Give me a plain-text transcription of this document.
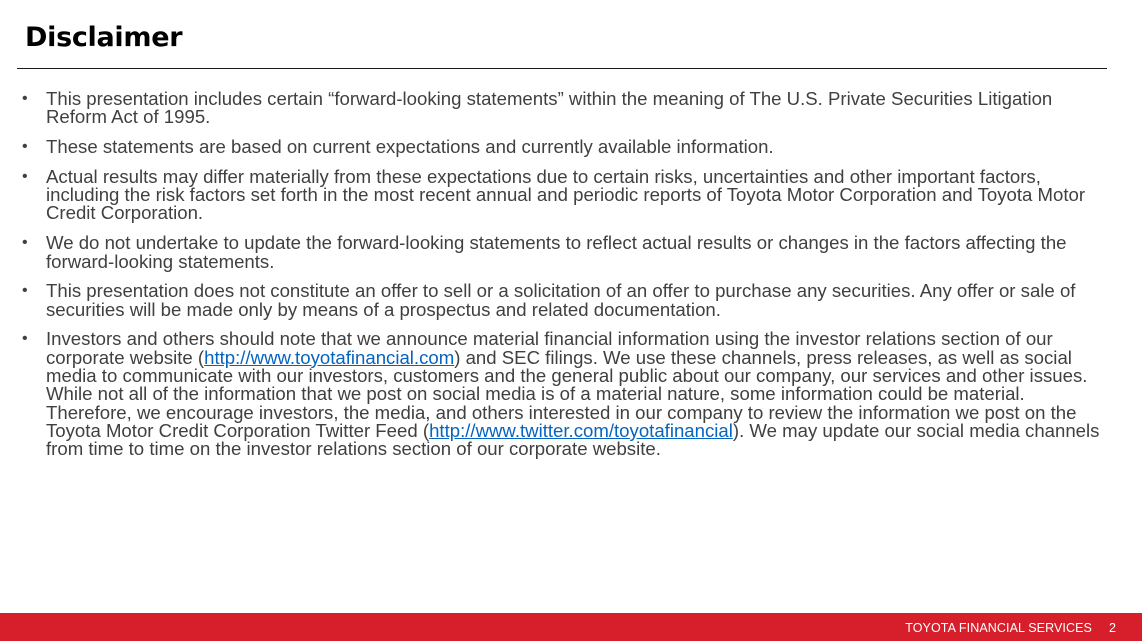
Disclaimer
• This presentation includes certain “forward-looking statements” within the meaning of The U.S. Private Securities Litigation Reform Act of 1995.
• These statements are based on current expectations and currently available information.
• Actual results may differ materially from these expectations due to certain risks, uncertainties and other important factors, including the risk factors set forth in the most recent annual and periodic reports of Toyota Motor Corporation and Toyota Motor Credit Corporation.
• We do not undertake to update the forward-looking statements to reflect actual results or changes in the factors affecting the forward-looking statements.
• This presentation does not constitute an offer to sell or a solicitation of an offer to purchase any securities. Any offer or sale of securities will be made only by means of a prospectus and related documentation.
• Investors and others should note that we announce material financial information using the investor relations section of our corporate website (http://www.toyotafinancial.com) and SEC filings. We use these channels, press releases, as well as social media to communicate with our investors, customers and the general public about our company, our services and other issues. While not all of the information that we post on social media is of a material nature, some information could be material. Therefore, we encourage investors, the media, and others interested in our company to review the information we post on the Toyota Motor Credit Corporation Twitter Feed (http://www.twitter.com/toyotafinancial). We may update our social media channels from time to time on the investor relations section of our corporate website.
TOYOTA FINANCIAL SERVICES 2
